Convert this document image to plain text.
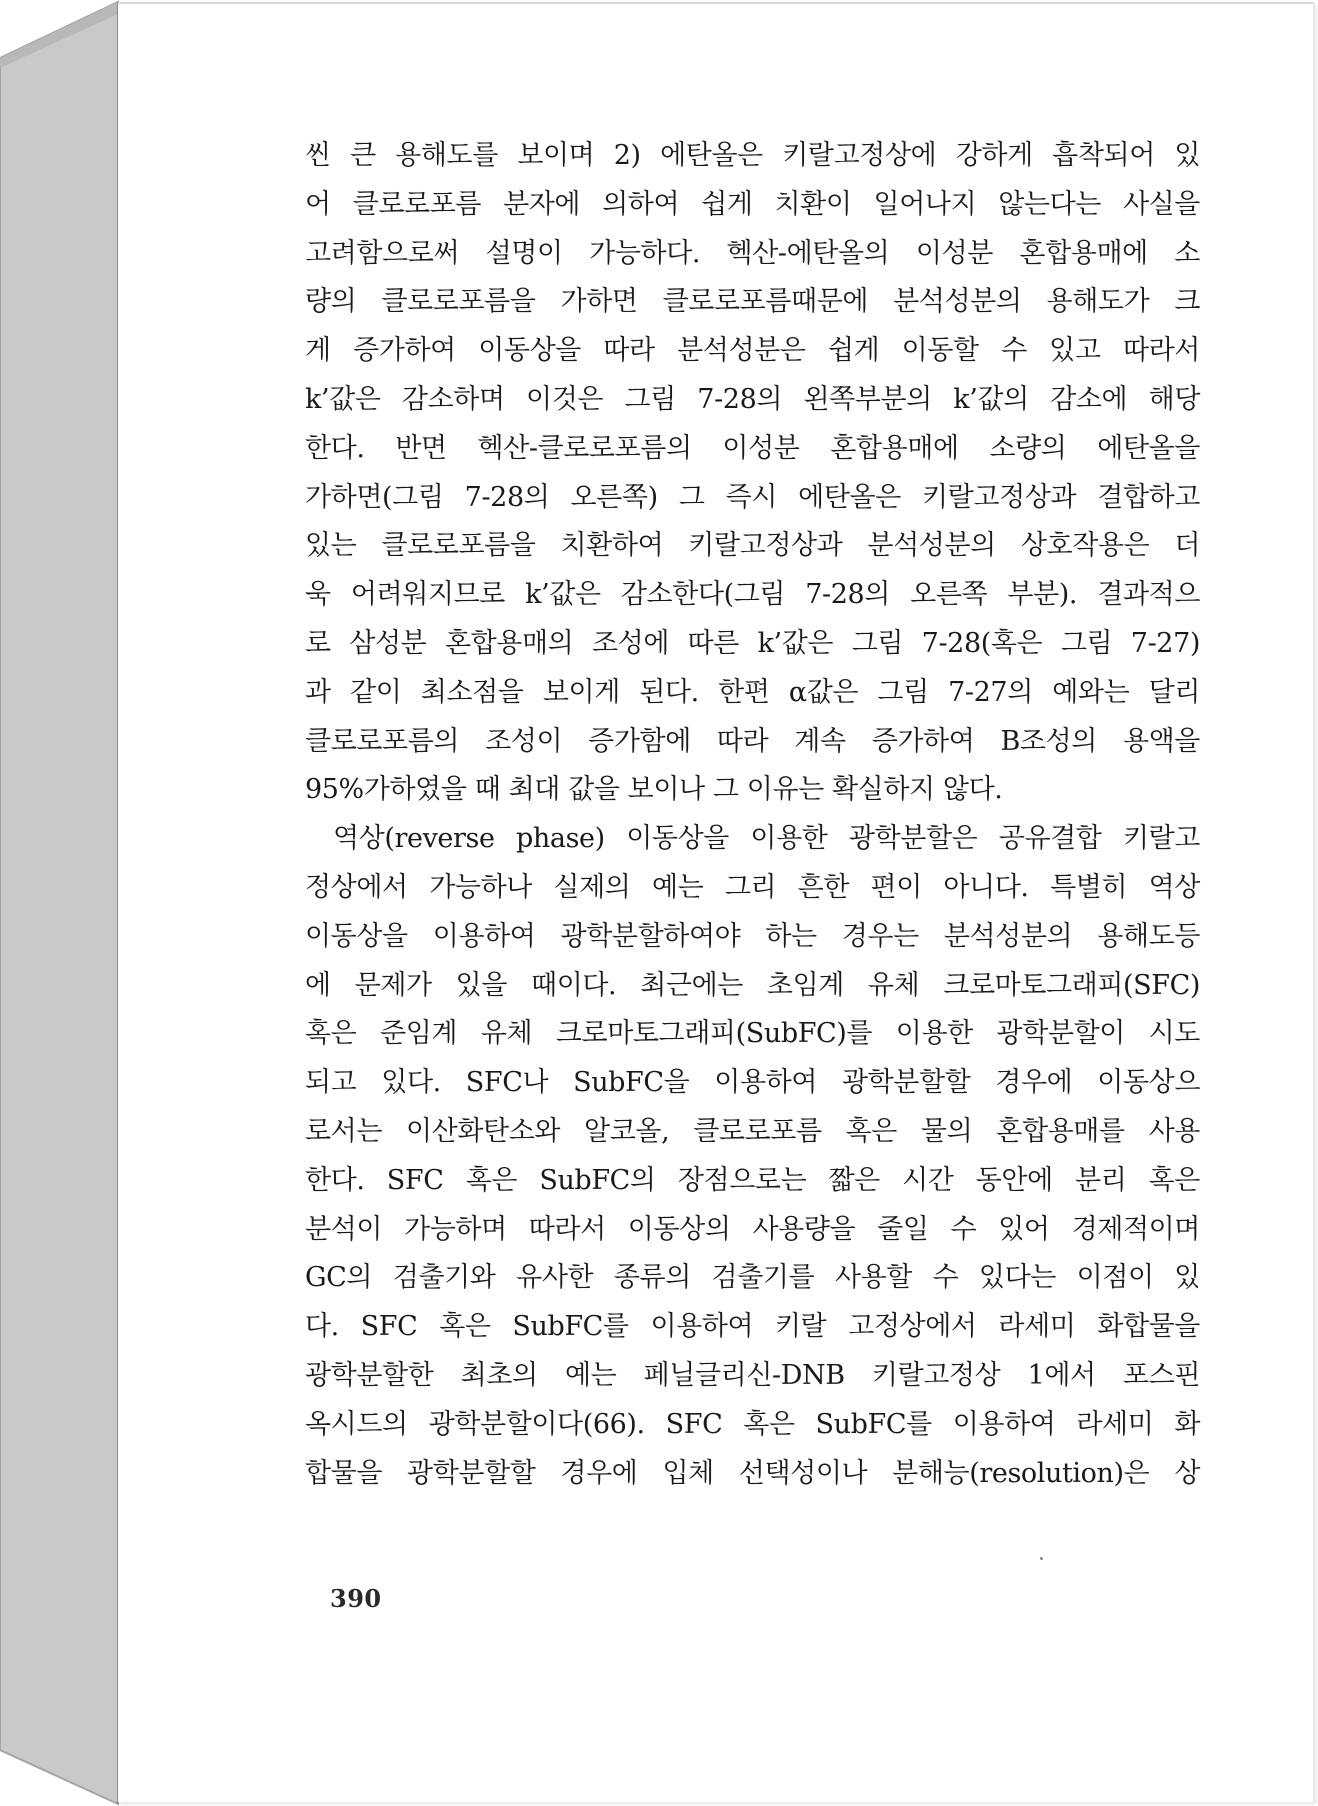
씬 큰 용해도를 보이며 2) 에탄올은 키랄고정상에 강하게 흡착되어 있
어 클로로포름 분자에 의하여 쉽게 치환이 일어나지 않는다는 사실을
고려함으로써 설명이 가능하다. 헥산-에탄올의 이성분 혼합용매에 소
량의 클로로포름을 가하면 클로로포름때문에 분석성분의 용해도가 크
게 증가하여 이동상을 따라 분석성분은 쉽게 이동할 수 있고 따라서
k’값은 감소하며 이것은 그림 7-28의 왼쪽부분의 k’값의 감소에 해당
한다. 반면 헥산-클로로포름의 이성분 혼합용매에 소량의 에탄올을
가하면(그림 7-28의 오른쪽) 그 즉시 에탄올은 키랄고정상과 결합하고
있는 클로로포름을 치환하여 키랄고정상과 분석성분의 상호작용은 더
욱 어려워지므로 k’값은 감소한다(그림 7-28의 오른쪽 부분). 결과적으
로 삼성분 혼합용매의 조성에 따른 k’값은 그림 7-28(혹은 그림 7-27)
과 같이 최소점을 보이게 된다. 한편 α값은 그림 7-27의 예와는 달리
클로로포름의 조성이 증가함에 따라 계속 증가하여 B조성의 용액을
95%가하였을 때 최대 값을 보이나 그 이유는 확실하지 않다.
역상(reverse phase) 이동상을 이용한 광학분할은 공유결합 키랄고
정상에서 가능하나 실제의 예는 그리 흔한 편이 아니다. 특별히 역상
이동상을 이용하여 광학분할하여야 하는 경우는 분석성분의 용해도등
에 문제가 있을 때이다. 최근에는 초임계 유체 크로마토그래피(SFC)
혹은 준임계 유체 크로마토그래피(SubFC)를 이용한 광학분할이 시도
되고 있다. SFC나 SubFC을 이용하여 광학분할할 경우에 이동상으
로서는 이산화탄소와 알코올, 클로로포름 혹은 물의 혼합용매를 사용
한다. SFC 혹은 SubFC의 장점으로는 짧은 시간 동안에 분리 혹은
분석이 가능하며 따라서 이동상의 사용량을 줄일 수 있어 경제적이며
GC의 검출기와 유사한 종류의 검출기를 사용할 수 있다는 이점이 있
다. SFC 혹은 SubFC를 이용하여 키랄 고정상에서 라세미 화합물을
광학분할한 최초의 예는 페닐글리신-DNB 키랄고정상 1에서 포스핀
옥시드의 광학분할이다(66). SFC 혹은 SubFC를 이용하여 라세미 화
합물을 광학분할할 경우에 입체 선택성이나 분해능(resolution)은 상
390
